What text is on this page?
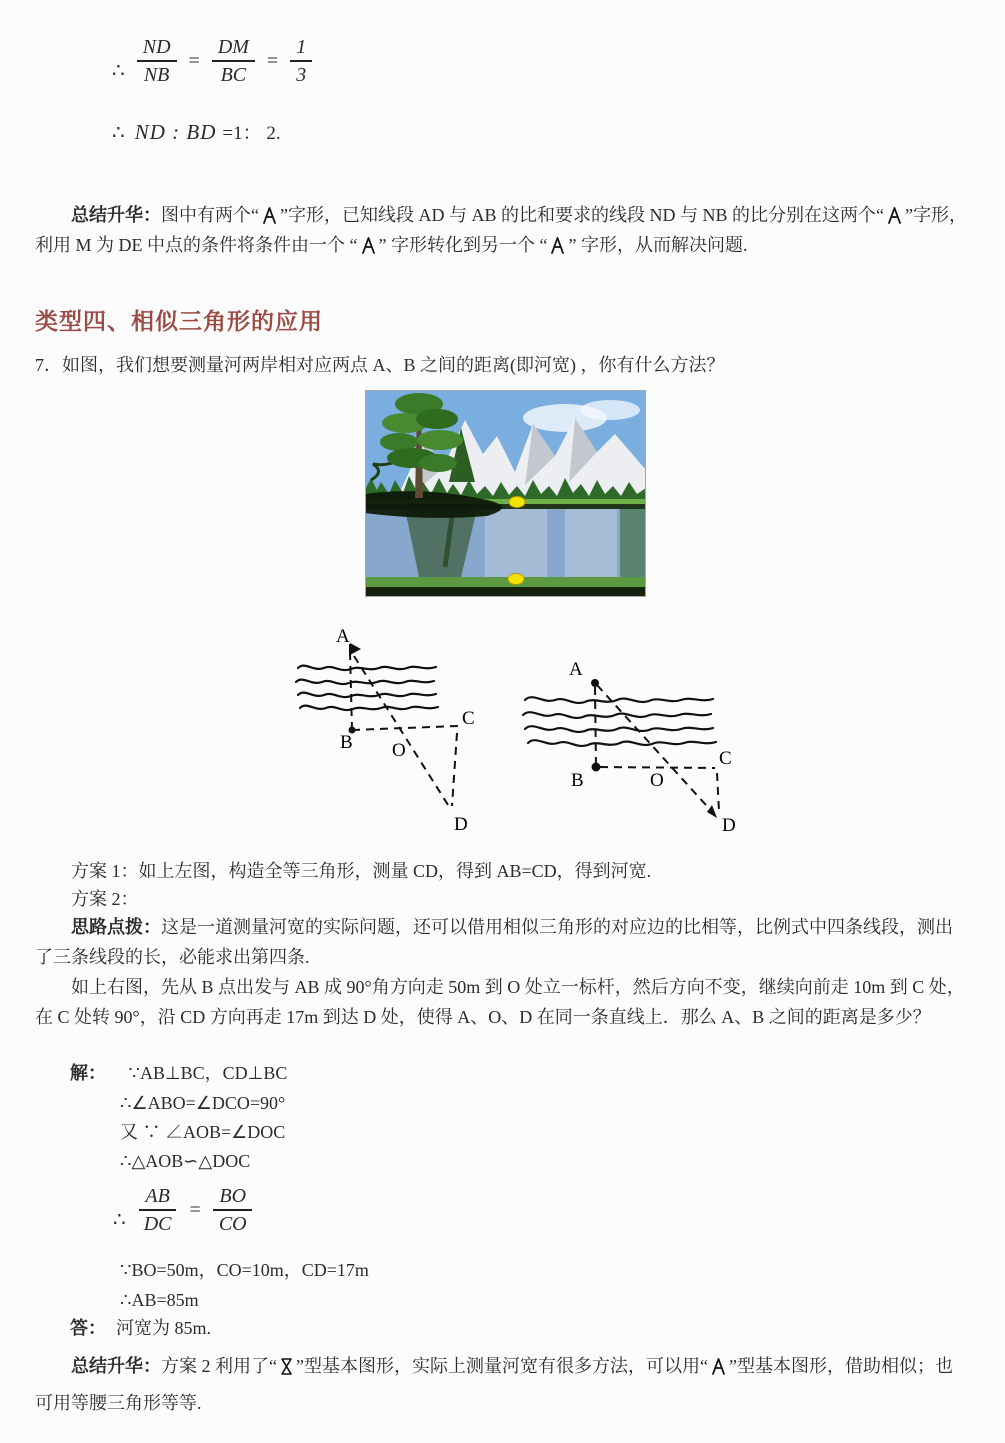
∴ $\frac{ND}{NB} = \frac{DM}{BC} = \frac{1}{3}$
∴ ND : BD =1： 2.
总结升华：图中有两个“ ”字形，已知线段 AD 与 AB 的比和要求的线段 ND 与 NB 的比分别在这两个“ ”字形，利用 M 为 DE 中点的条件将条件由一个 “ ” 字形转化到另一个 “ ” 字形，从而解决问题.
类型四、相似三角形的应用
7．如图，我们想要测量河两岸相对应两点 A、B 之间的距离(即河宽) ，你有什么方法？
A
B
C
O
D
A
B
C
O
D
方案 1：如上左图，构造全等三角形，测量 CD，得到 AB=CD，得到河宽.
方案 2：
思路点拨：这是一道测量河宽的实际问题，还可以借用相似三角形的对应边的比相等，比例式中四条线段，测出了三条线段的长，必能求出第四条.
如上右图，先从 B 点出发与 AB 成 90°角方向走 50m 到 O 处立一标杆，然后方向不变，继续向前走 10m 到 C 处，在 C 处转 90°，沿 CD 方向再走 17m 到达 D 处，使得 A、O、D 在同一条直线上．那么 A、B 之间的距离是多少？
解： ∵AB⊥BC，CD⊥BC
∴∠ABO=∠DCO=90°
又 ∵ ∠AOB=∠DOC
∴△AOB∽△DOC
∴ $\frac{AB}{DC} = \frac{BO}{CO}$
∵BO=50m，CO=10m，CD=17m
∴AB=85m
答： 河宽为 85m.
总结升华：方案 2 利用了“ ”型基本图形，实际上测量河宽有很多方法，可以用“ ”型基本图形，借助相似；也可用等腰三角形等等.
